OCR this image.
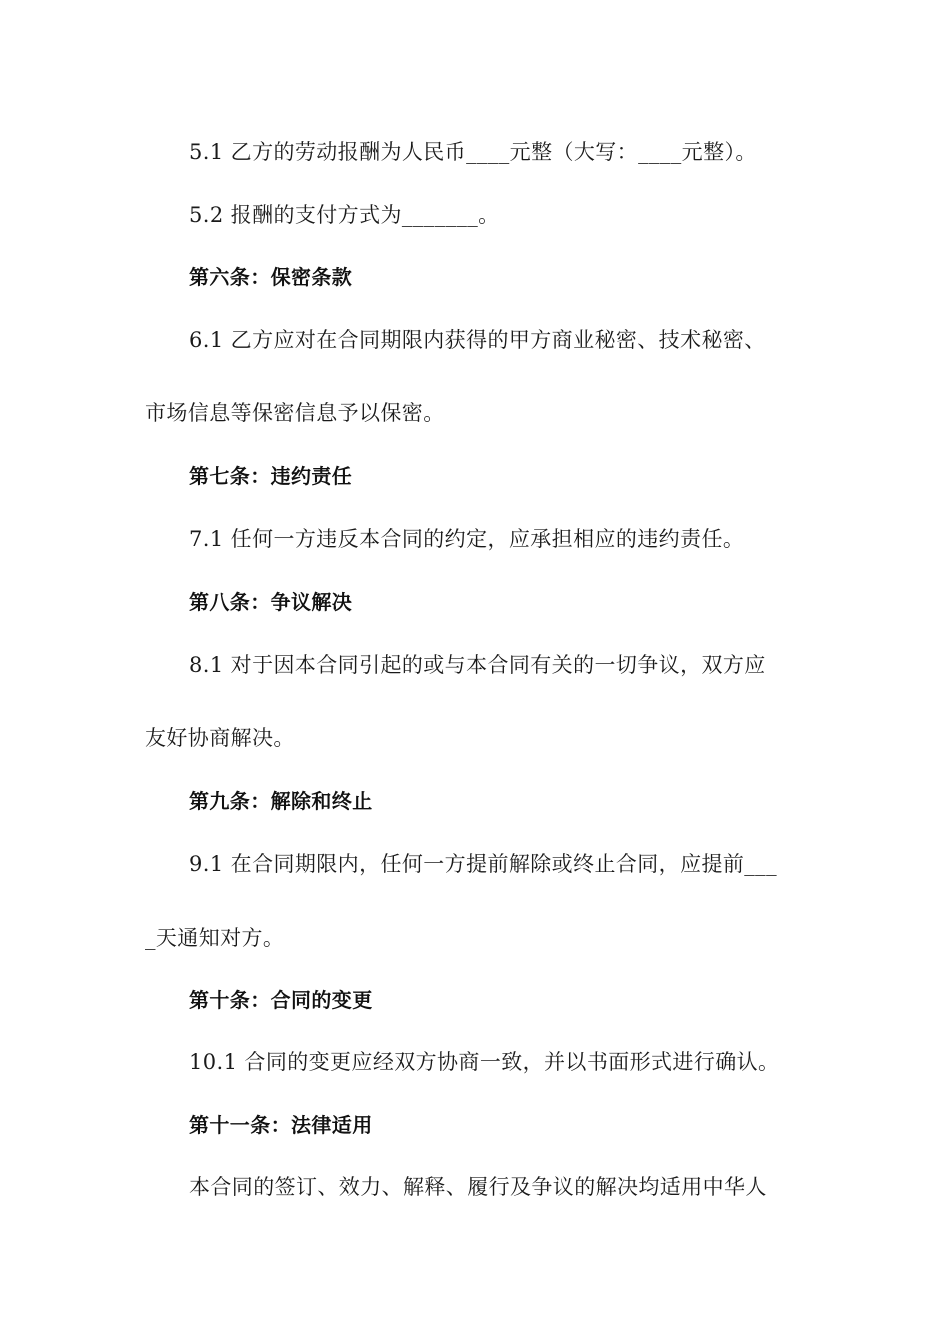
5.1 乙方的劳动报酬为人民币____元整（大写：____元整）。
5.2 报酬的支付方式为_______。
第六条：保密条款
6.1 乙方应对在合同期限内获得的甲方商业秘密、技术秘密、
市场信息等保密信息予以保密。
第七条：违约责任
7.1 任何一方违反本合同的约定，应承担相应的违约责任。
第八条：争议解决
8.1 对于因本合同引起的或与本合同有关的一切争议，双方应
友好协商解决。
第九条：解除和终止
9.1 在合同期限内，任何一方提前解除或终止合同，应提前___
_天通知对方。
第十条：合同的变更
10.1 合同的变更应经双方协商一致，并以书面形式进行确认。
第十一条：法律适用
本合同的签订、效力、解释、履行及争议的解决均适用中华人
